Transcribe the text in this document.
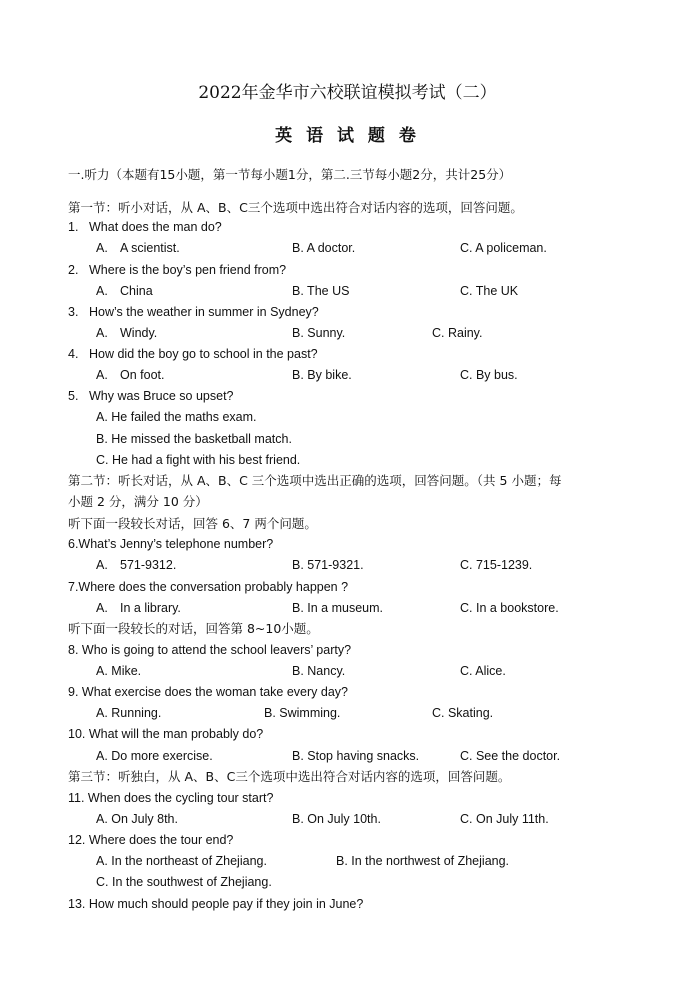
2022年金华市六校联谊模拟考试（二）
英 语 试 题 卷
一.听力（本题有15小题，第一节每小题1分，第二.三节每小题2分，共计25分）
第一节：听小对话，从 A、B、C三个选项中选出符合对话内容的选项，回答问题。
1. What does the man do?
A. A scientist.	B. A doctor.	C. A policeman.
2. Where is the boy’s pen friend from?
A. China	B. The US	C. The UK
3. How’s the weather in summer in Sydney?
A. Windy.	B. Sunny.	C. Rainy.
4. How did the boy go to school in the past?
A. On foot.	B. By bike.	C. By bus.
5. Why was Bruce so upset?
A. He failed the maths exam.
B. He missed the basketball match.
C. He had a fight with his best friend.
第二节：听长对话，从 A、B、C 三个选项中选出正确的选项，回答问题。（共 5 小题；每
小题 2 分，满分 10 分）
听下面一段较长对话，回答 6、7 两个问题。
6.What’s Jenny’s telephone number?
A. 571-9312.	B. 571-9321.	C. 715-1239.
7.Where does the conversation probably happen ?
A. In a library.	B. In a museum.	C. In a bookstore.
听下面一段较长的对话，回答第 8~10小题。
8. Who is going to attend the school leavers’ party?
A. Mike.	B. Nancy.	C. Alice.
9. What exercise does the woman take every day?
A. Running.	B. Swimming.	C. Skating.
10. What will the man probably do?
A. Do more exercise.	B. Stop having snacks.	C. See the doctor.
第三节：听独白，从 A、B、C三个选项中选出符合对话内容的选项，回答问题。
11. When does the cycling tour start?
A. On July 8th.	B. On July 10th.	C. On July 11th.
12. Where does the tour end?
A. In the northeast of Zhejiang.	B. In the northwest of Zhejiang.
C. In the southwest of Zhejiang.
13. How much should people pay if they join in June?
